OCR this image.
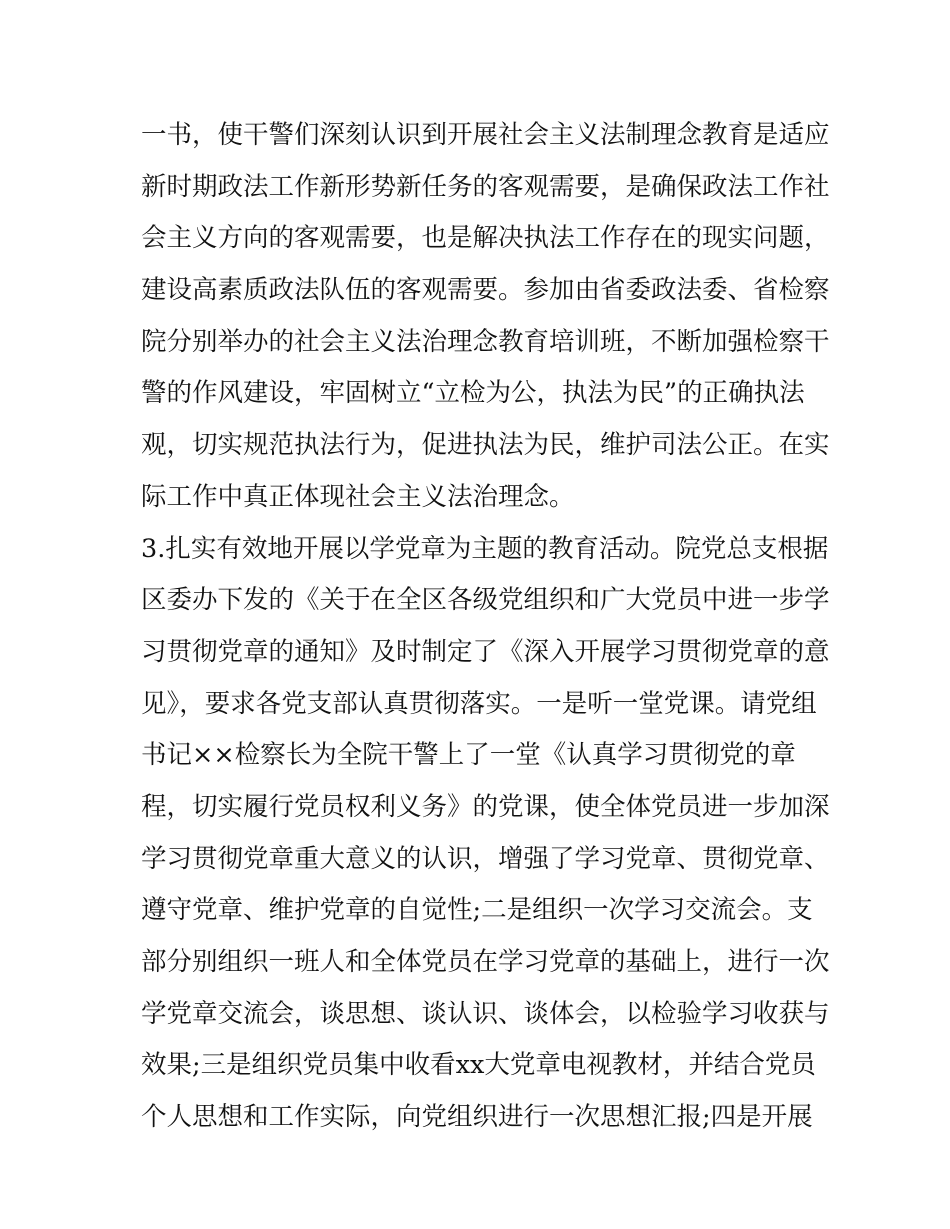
一书，使干警们深刻认识到开展社会主义法制理念教育是适应
新时期政法工作新形势新任务的客观需要，是确保政法工作社
会主义方向的客观需要，也是解决执法工作存在的现实问题，
建设高素质政法队伍的客观需要。参加由省委政法委、省检察
院分别举办的社会主义法治理念教育培训班，不断加强检察干
警的作风建设，牢固树立“立检为公，执法为民”的正确执法
观，切实规范执法行为，促进执法为民，维护司法公正。在实
际工作中真正体现社会主义法治理念。
3.扎实有效地开展以学党章为主题的教育活动。院党总支根据
区委办下发的《关于在全区各级党组织和广大党员中进一步学
习贯彻党章的通知》及时制定了《深入开展学习贯彻党章的意
见》，要求各党支部认真贯彻落实。一是听一堂党课。请党组
书记××检察长为全院干警上了一堂《认真学习贯彻党的章
程，切实履行党员权利义务》的党课，使全体党员进一步加深
学习贯彻党章重大意义的认识，增强了学习党章、贯彻党章、
遵守党章、维护党章的自觉性;二是组织一次学习交流会。支
部分别组织一班人和全体党员在学习党章的基础上，进行一次
学党章交流会，谈思想、谈认识、谈体会，以检验学习收获与
效果;三是组织党员集中收看xx大党章电视教材，并结合党员
个人思想和工作实际，向党组织进行一次思想汇报;四是开展
